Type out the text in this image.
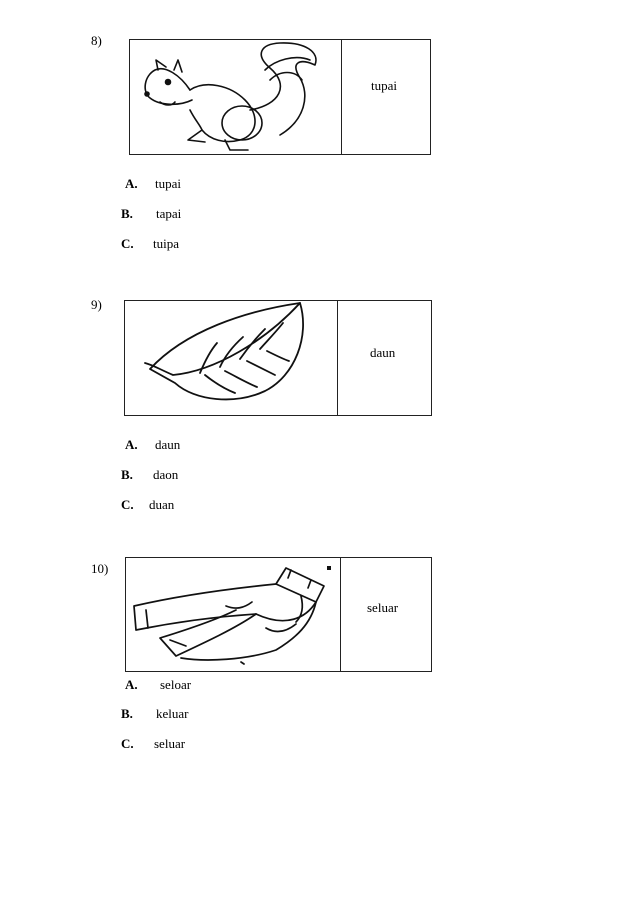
8)
tupai
A. tupai
B. tapai
C. tuipa
9)
daun
A. daun
B. daon
C. duan
10)
seluar
A. seloar
B. keluar
C. seluar
